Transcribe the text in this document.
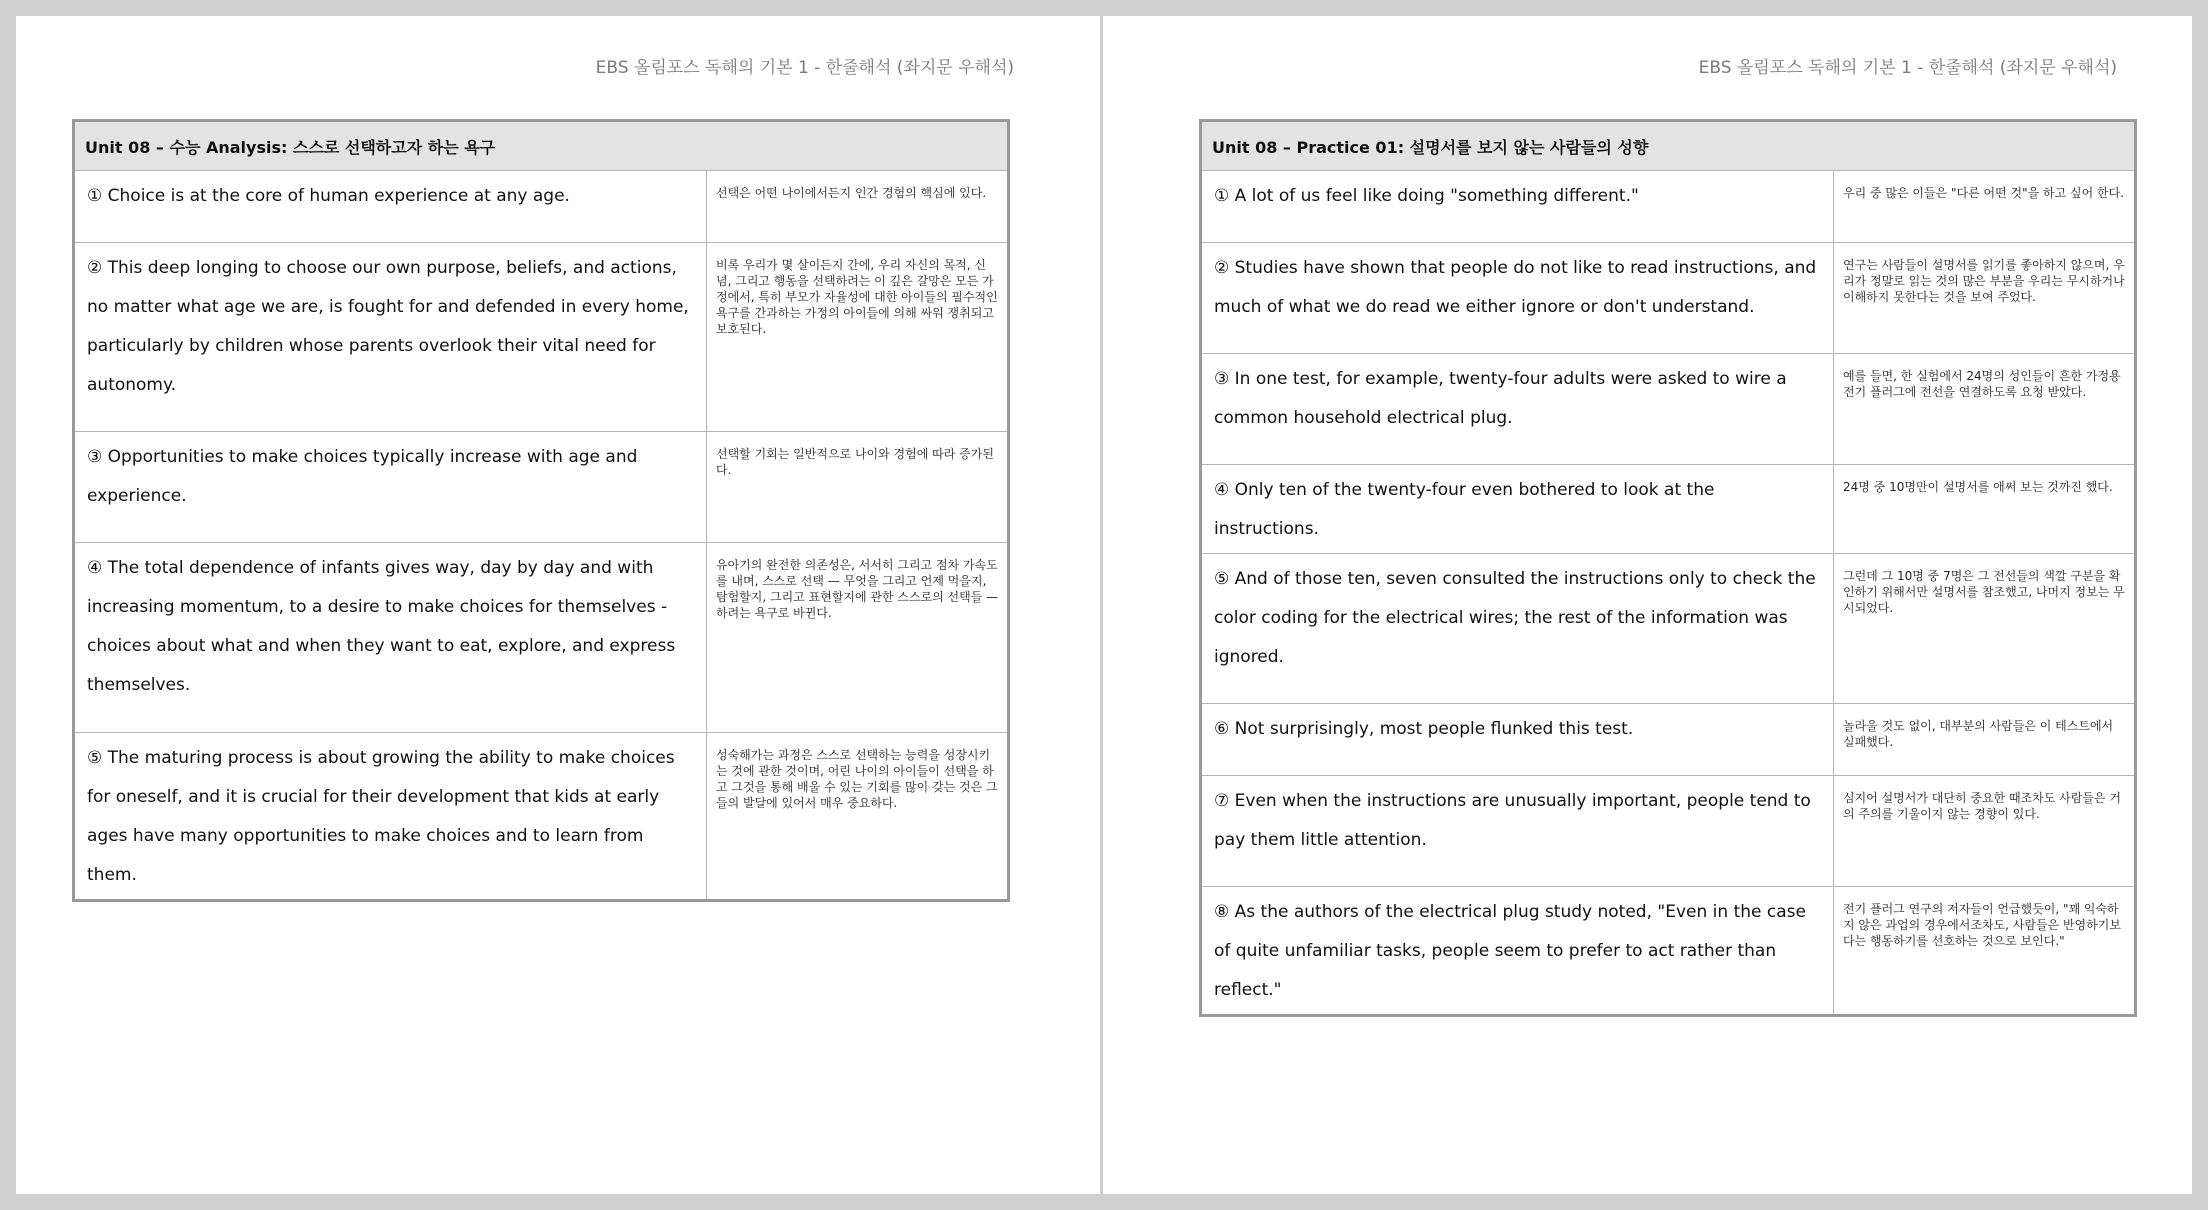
EBS 올림포스 독해의 기본 1 - 한줄해석 (좌지문 우해석)
Unit 08 – 수능 Analysis: 스스로 선택하고자 하는 욕구	
① Choice is at the core of human experience at any age.	선택은 어떤 나이에서든지 인간 경험의 핵심에 있다.
② This deep longing to choose our own purpose, beliefs, and actions, no matter what age we are, is fought for and defended in every home, particularly by children whose parents overlook their vital need for autonomy.	비록 우리가 몇 살이든지 간에, 우리 자신의 목적, 신념, 그리고 행동을 선택하려는 이 깊은 갈망은 모든 가정에서, 특히 부모가 자율성에 대한 아이들의 필수적인 욕구를 간과하는 가정의 아이들에 의해 싸워 쟁취되고 보호된다.
③ Opportunities to make choices typically increase with age and experience.	선택할 기회는 일반적으로 나이와 경험에 따라 증가된다.
④ The total dependence of infants gives way, day by day and with increasing momentum, to a desire to make choices for themselves - choices about what and when they want to eat, explore, and express themselves.	유아기의 완전한 의존성은, 서서히 그리고 점차 가속도를 내며, 스스로 선택 — 무엇을 그리고 언제 먹을지, 탐험할지, 그리고 표현할지에 관한 스스로의 선택들 — 하려는 욕구로 바뀐다.
⑤ The maturing process is about growing the ability to make choices for oneself, and it is crucial for their development that kids at early ages have many opportunities to make choices and to learn from them.	성숙해가는 과정은 스스로 선택하는 능력을 성장시키는 것에 관한 것이며, 어린 나이의 아이들이 선택을 하고 그것을 통해 배울 수 있는 기회를 많이 갖는 것은 그들의 발달에 있어서 매우 중요하다.
EBS 올림포스 독해의 기본 1 - 한줄해석 (좌지문 우해석)
Unit 08 – Practice 01: 설명서를 보지 않는 사람들의 성향	
① A lot of us feel like doing "something different."	우리 중 많은 이들은 "다른 어떤 것"을 하고 싶어 한다.
② Studies have shown that people do not like to read instructions, and much of what we do read we either ignore or don't understand.	연구는 사람들이 설명서를 읽기를 좋아하지 않으며, 우리가 정말로 읽는 것의 많은 부분을 우리는 무시하거나 이해하지 못한다는 것을 보여 주었다.
③ In one test, for example, twenty-four adults were asked to wire a common household electrical plug.	예를 들면, 한 실험에서 24명의 성인들이 흔한 가정용 전기 플러그에 전선을 연결하도록 요청 받았다.
④ Only ten of the twenty-four even bothered to look at the instructions.	24명 중 10명만이 설명서를 애써 보는 것까진 했다.
⑤ And of those ten, seven consulted the instructions only to check the color coding for the electrical wires; the rest of the information was ignored.	그런데 그 10명 중 7명은 그 전선들의 색깔 구분을 확인하기 위해서만 설명서를 참조했고, 나머지 정보는 무시되었다.
⑥ Not surprisingly, most people flunked this test.	놀라울 것도 없이, 대부분의 사람들은 이 테스트에서 실패했다.
⑦ Even when the instructions are unusually important, people tend to pay them little attention.	심지어 설명서가 대단히 중요한 때조차도 사람들은 거의 주의를 기울이지 않는 경향이 있다.
⑧ As the authors of the electrical plug study noted, "Even in the case of quite unfamiliar tasks, people seem to prefer to act rather than reflect."	전기 플러그 연구의 저자들이 언급했듯이, "꽤 익숙하지 않은 과업의 경우에서조차도, 사람들은 반영하기보다는 행동하기를 선호하는 것으로 보인다."
